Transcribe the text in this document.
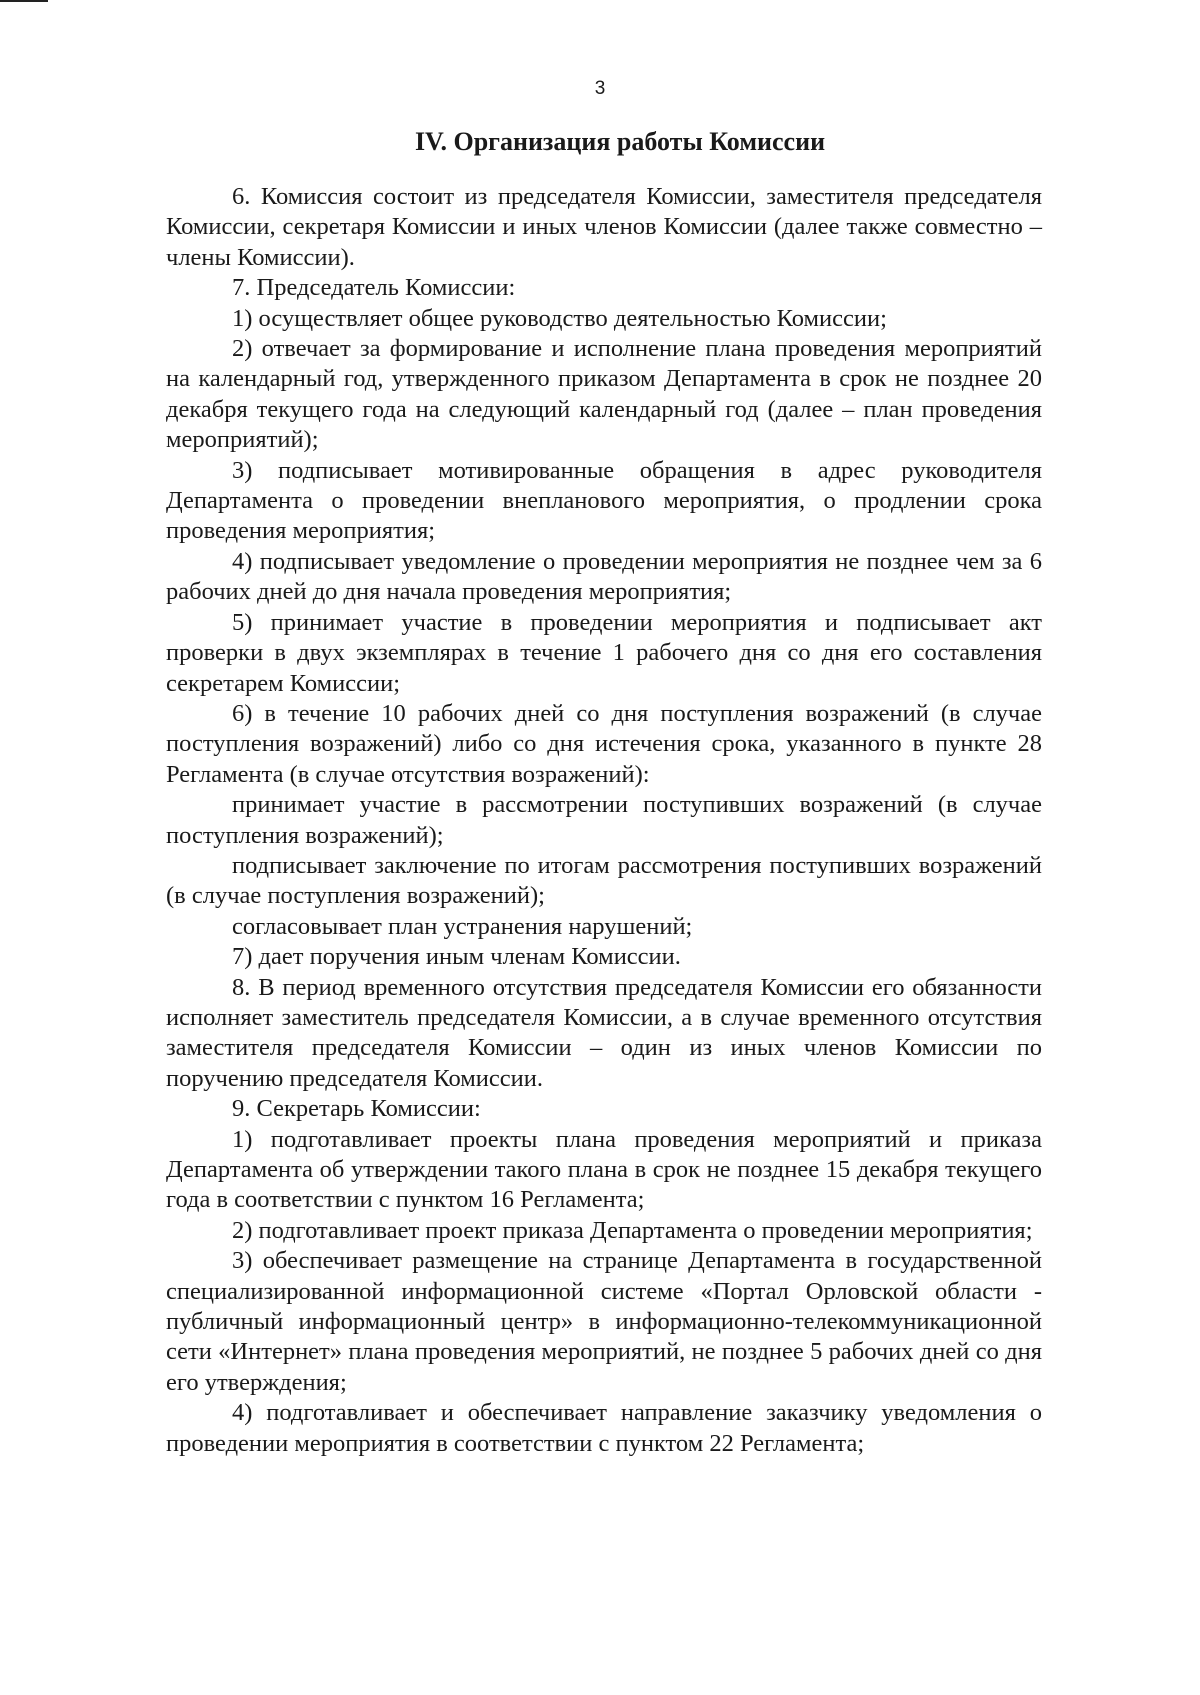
3
IV. Организация работы Комиссии

6. Комиссия состоит из председателя Комиссии, заместителя председателя Комиссии, секретаря Комиссии и иных членов Комиссии (далее также совместно – члены Комиссии).

7. Председатель Комиссии:

1) осуществляет общее руководство деятельностью Комиссии;

2) отвечает за формирование и исполнение плана проведения мероприятий на календарный год, утвержденного приказом Департамента в срок не позднее 20 декабря текущего года на следующий календарный год (далее – план проведения мероприятий);

3) подписывает мотивированные обращения в адрес руководителя Департамента о проведении внепланового мероприятия, о продлении срока проведения мероприятия;

4) подписывает уведомление о проведении мероприятия не позднее чем за 6 рабочих дней до дня начала проведения мероприятия;

5) принимает участие в проведении мероприятия и подписывает акт проверки в двух экземплярах в течение 1 рабочего дня со дня его составления секретарем Комиссии;

6) в течение 10 рабочих дней со дня поступления возражений (в случае поступления возражений) либо со дня истечения срока, указанного в пункте 28 Регламента (в случае отсутствия возражений):

принимает участие в рассмотрении поступивших возражений (в случае поступления возражений);

подписывает заключение по итогам рассмотрения поступивших возражений (в случае поступления возражений);

согласовывает план устранения нарушений;

7) дает поручения иным членам Комиссии.

8. В период временного отсутствия председателя Комиссии его обязанности исполняет заместитель председателя Комиссии, а в случае временного отсутствия заместителя председателя Комиссии – один из иных членов Комиссии по поручению председателя Комиссии.

9. Секретарь Комиссии:

1) подготавливает проекты плана проведения мероприятий и приказа Департамента об утверждении такого плана в срок не позднее 15 декабря текущего года в соответствии с пунктом 16 Регламента;

2) подготавливает проект приказа Департамента о проведении мероприятия;

3) обеспечивает размещение на странице Департамента в государственной специализированной информационной системе «Портал Орловской области - публичный информационный центр» в информационно-телекоммуникационной сети «Интернет» плана проведения мероприятий, не позднее 5 рабочих дней со дня его утверждения;

4) подготавливает и обеспечивает направление заказчику уведомления о проведении мероприятия в соответствии с пунктом 22 Регламента;
